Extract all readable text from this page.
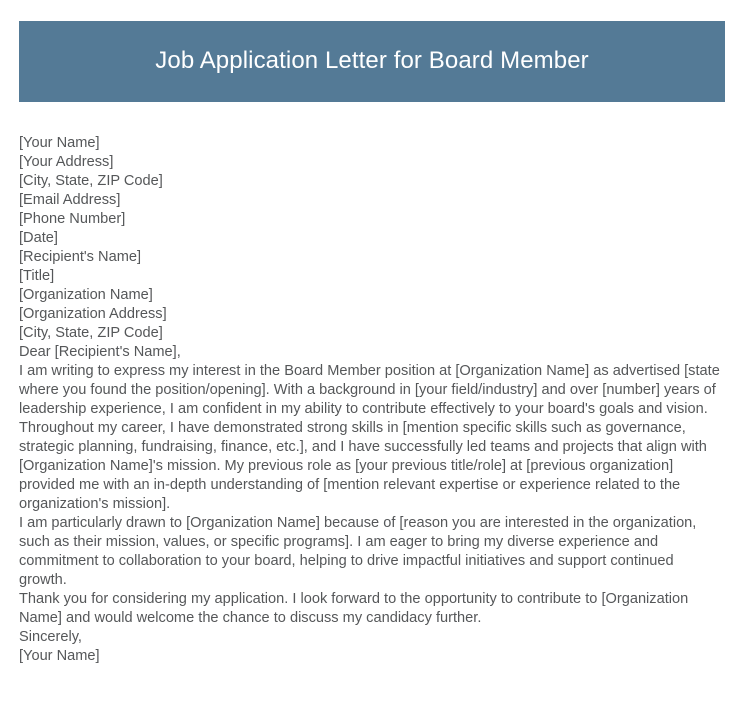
Job Application Letter for Board Member

[Your Name]

[Your Address]

[City, State, ZIP Code]

[Email Address]

[Phone Number]

[Date]

[Recipient's Name]

[Title]

[Organization Name]

[Organization Address]

[City, State, ZIP Code]

Dear [Recipient's Name],

I am writing to express my interest in the Board Member position at [Organization Name] as advertised [state where you found the position/opening]. With a background in [your field/industry] and over [number] years of leadership experience, I am confident in my ability to contribute effectively to your board's goals and vision.

Throughout my career, I have demonstrated strong skills in [mention specific skills such as governance, strategic planning, fundraising, finance, etc.], and I have successfully led teams and projects that align with [Organization Name]'s mission. My previous role as [your previous title/role] at [previous organization] provided me with an in-depth understanding of [mention relevant expertise or experience related to the organization's mission].

I am particularly drawn to [Organization Name] because of [reason you are interested in the organization, such as their mission, values, or specific programs]. I am eager to bring my diverse experience and commitment to collaboration to your board, helping to drive impactful initiatives and support continued growth.

Thank you for considering my application. I look forward to the opportunity to contribute to [Organization Name] and would welcome the chance to discuss my candidacy further.

Sincerely,

[Your Name]
